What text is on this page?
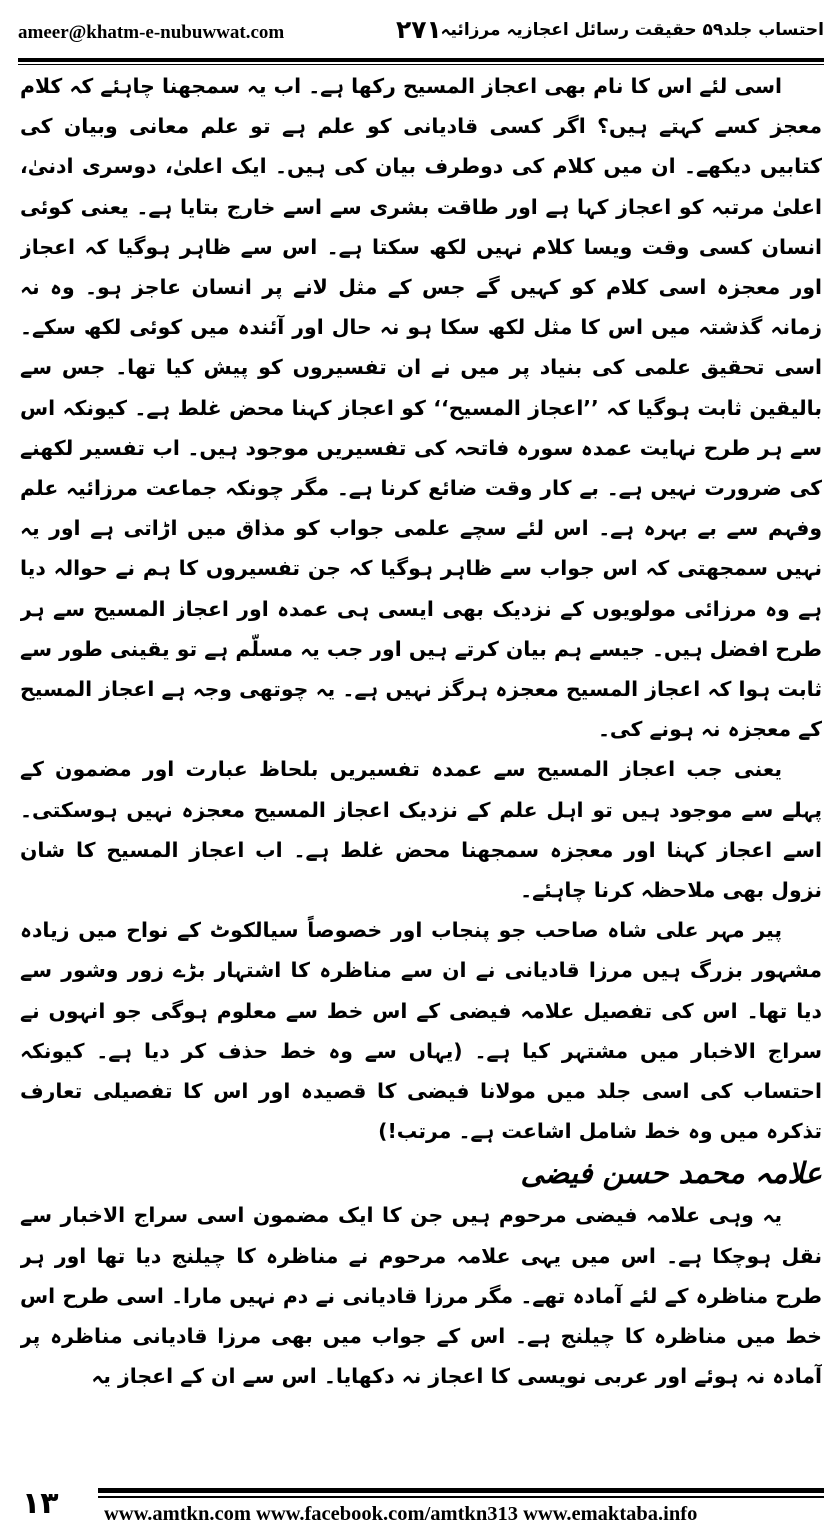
ameer@khatm-e-nubuwwat.com	۲۷۱
احتساب جلد۵۹ حقیقت رسائل اعجازیہ مرزائیہ

اسی لئے اس کا نام بھی اعجاز المسیح رکھا ہے۔ اب یہ سمجھنا چاہئے کہ کلام معجز کسے کہتے ہیں؟ اگر کسی قادیانی کو علم ہے تو علم معانی وبیان کی کتابیں دیکھے۔ ان میں کلام کی دوطرف بیان کی ہیں۔ ایک اعلیٰ، دوسری ادنیٰ، اعلیٰ مرتبہ کو اعجاز کہا ہے اور طاقت بشری سے اسے خارج بتایا ہے۔ یعنی کوئی انسان کسی وقت ویسا کلام نہیں لکھ سکتا ہے۔ اس سے ظاہر ہوگیا کہ اعجاز اور معجزہ اسی کلام کو کہیں گے جس کے مثل لانے پر انسان عاجز ہو۔ وہ نہ زمانہ گذشتہ میں اس کا مثل لکھ سکا ہو نہ حال اور آئندہ میں کوئی لکھ سکے۔ اسی تحقیق علمی کی بنیاد پر میں نے ان تفسیروں کو پیش کیا تھا۔ جس سے بالیقین ثابت ہوگیا کہ ’’اعجاز المسیح‘‘ کو اعجاز کہنا محض غلط ہے۔ کیونکہ اس سے ہر طرح نہایت عمدہ سورہ فاتحہ کی تفسیریں موجود ہیں۔ اب تفسیر لکھنے کی ضرورت نہیں ہے۔ بے کار وقت ضائع کرنا ہے۔ مگر چونکہ جماعت مرزائیہ علم وفہم سے بے بہرہ ہے۔ اس لئے سچے علمی جواب کو مذاق میں اڑاتی ہے اور یہ نہیں سمجھتی کہ اس جواب سے ظاہر ہوگیا کہ جن تفسیروں کا ہم نے حوالہ دیا ہے وہ مرزائی مولویوں کے نزدیک بھی ایسی ہی عمدہ اور اعجاز المسیح سے ہر طرح افضل ہیں۔ جیسے ہم بیان کرتے ہیں اور جب یہ مسلّم ہے تو یقینی طور سے ثابت ہوا کہ اعجاز المسیح معجزہ ہرگز نہیں ہے۔ یہ چوتھی وجہ ہے اعجاز المسیح کے معجزہ نہ ہونے کی۔

یعنی جب اعجاز المسیح سے عمدہ تفسیریں بلحاظ عبارت اور مضمون کے پہلے سے موجود ہیں تو اہل علم کے نزدیک اعجاز المسیح معجزہ نہیں ہوسکتی۔ اسے اعجاز کہنا اور معجزہ سمجھنا محض غلط ہے۔ اب اعجاز المسیح کا شان نزول بھی ملاحظہ کرنا چاہئے۔

پیر مہر علی شاہ صاحب جو پنجاب اور خصوصاً سیالکوٹ کے نواح میں زیادہ مشہور بزرگ ہیں مرزا قادیانی نے ان سے مناظرہ کا اشتہار بڑے زور وشور سے دیا تھا۔ اس کی تفصیل علامہ فیضی کے اس خط سے معلوم ہوگی جو انہوں نے سراج الاخبار میں مشتہر کیا ہے۔ (یہاں سے وہ خط حذف کر دیا ہے۔ کیونکہ احتساب کی اسی جلد میں مولانا فیضی کا قصیدہ اور اس کا تفصیلی تعارف تذکرہ میں وہ خط شامل اشاعت ہے۔ مرتب!)

علامہ محمد حسن فیضی

یہ وہی علامہ فیضی مرحوم ہیں جن کا ایک مضمون اسی سراج الاخبار سے نقل ہوچکا ہے۔ اس میں یہی علامہ مرحوم نے مناظرہ کا چیلنج دیا تھا اور ہر طرح مناظرہ کے لئے آمادہ تھے۔ مگر مرزا قادیانی نے دم نہیں مارا۔ اسی طرح اس خط میں مناظرہ کا چیلنج ہے۔ اس کے جواب میں بھی مرزا قادیانی مناظرہ پر آمادہ نہ ہوئے اور عربی نویسی کا اعجاز نہ دکھایا۔ اس سے ان کے اعجاز یہ

۱۳ www.amtkn.com www.facebook.com/amtkn313 www.emaktaba.info
